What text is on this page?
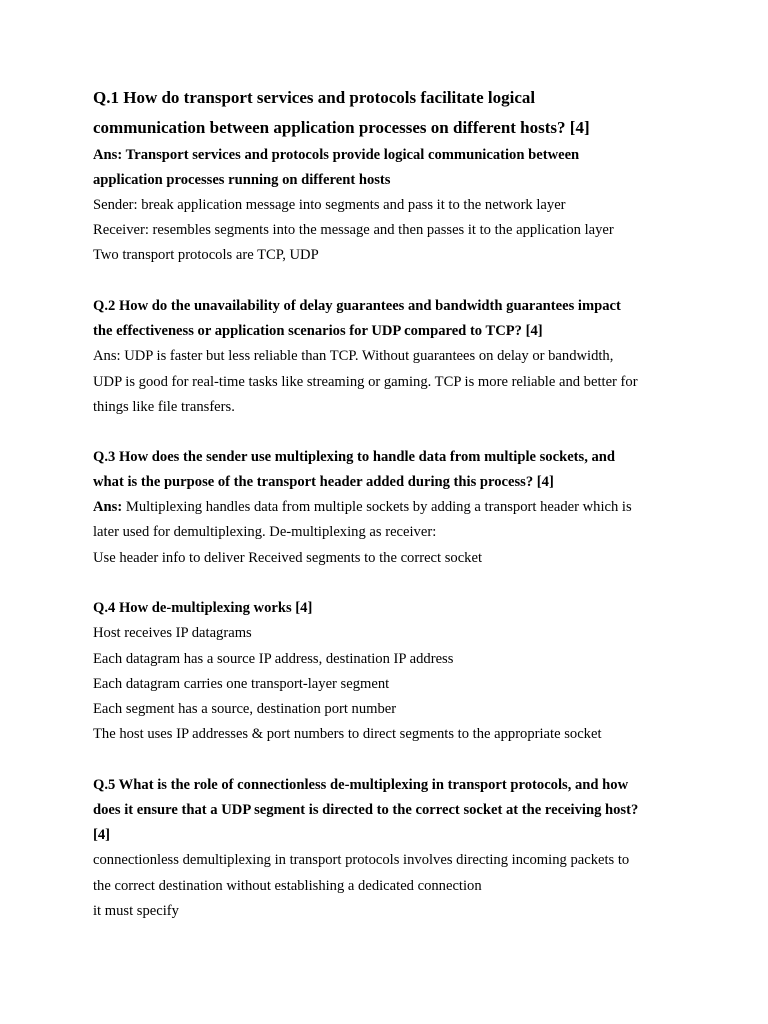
Q.1 How do transport services and protocols facilitate logical
communication between application processes on different hosts? [4]
Ans: Transport services and protocols provide logical communication between
application processes running on different hosts
Sender: break application message into segments and pass it to the network layer
Receiver: resembles segments into the message and then passes it to the application layer
Two transport protocols are TCP, UDP
Q.2 How do the unavailability of delay guarantees and bandwidth guarantees impact
the effectiveness or application scenarios for UDP compared to TCP? [4]
Ans: UDP is faster but less reliable than TCP. Without guarantees on delay or bandwidth,
UDP is good for real-time tasks like streaming or gaming. TCP is more reliable and better for
things like file transfers.
Q.3 How does the sender use multiplexing to handle data from multiple sockets, and
what is the purpose of the transport header added during this process? [4]
Ans: Multiplexing handles data from multiple sockets by adding a transport header which is
later used for demultiplexing. De-multiplexing as receiver:
Use header info to deliver Received segments to the correct socket
Q.4 How de-multiplexing works [4]
Host receives IP datagrams
Each datagram has a source IP address, destination IP address
Each datagram carries one transport-layer segment
Each segment has a source, destination port number
The host uses IP addresses & port numbers to direct segments to the appropriate socket
Q.5 What is the role of connectionless de-multiplexing in transport protocols, and how
does it ensure that a UDP segment is directed to the correct socket at the receiving host?
[4]
connectionless demultiplexing in transport protocols involves directing incoming packets to
the correct destination without establishing a dedicated connection
it must specify
